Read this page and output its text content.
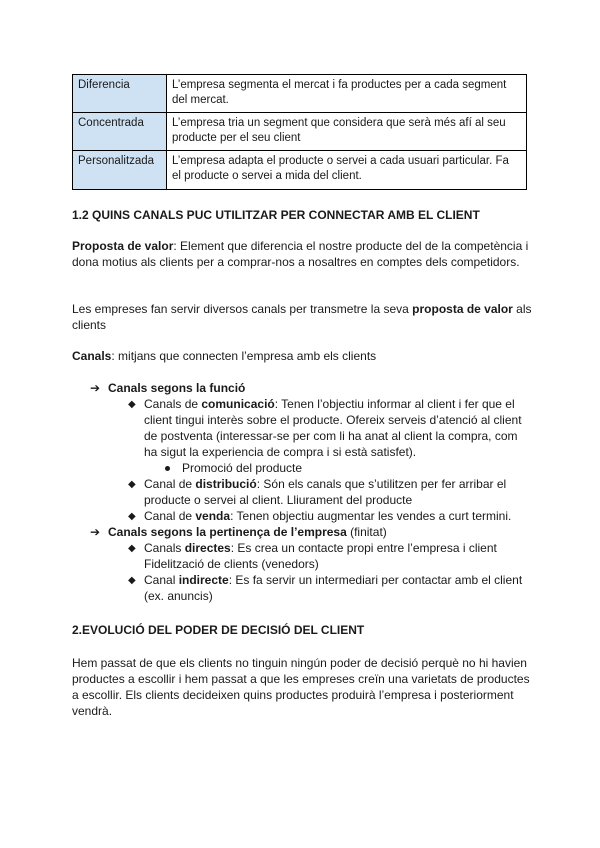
Diferencia	L’empresa segmenta el mercat i fa productes per a cada segment del mercat.
Concentrada	L’empresa tria un segment que considera que serà més afí al seu producte per el seu client
Personalitzada	L’empresa adapta el producte o servei a cada usuari particular. Fa el producte o servei a mida del client.
1.2 QUINS CANALS PUC UTILITZAR PER CONNECTAR AMB EL CLIENT
Proposta de valor: Element que diferencia el nostre producte del de la competència i dona motius als clients per a comprar-nos a nosaltres en comptes dels competidors.
Les empreses fan servir diversos canals per transmetre la seva proposta de valor als clients
Canals: mitjans que connecten l’empresa amb els clients
➔ Canals segons la funció
◆ Canals de comunicació: Tenen l’objectiu informar al client i fer que el client tingui interès sobre el producte. Ofereix serveis d’atenció al client de postventa (interessar-se per com li ha anat al client la compra, com ha sigut la experiencia de compra i si està satisfet).
Promoció del producte
◆ Canal de distribució: Són els canals que s’utilitzen per fer arribar el producte o servei al client. Lliurament del producte
◆ Canal de venda: Tenen objectiu augmentar les vendes a curt termini.
➔ Canals segons la pertinença de l’empresa (finitat)
◆ Canals directes: Es crea un contacte propi entre l’empresa i client Fidelització de clients (venedors)
◆ Canal indirecte: Es fa servir un intermediari per contactar amb el client (ex. anuncis)
2.EVOLUCIÓ DEL PODER DE DECISIÓ DEL CLIENT
Hem passat de que els clients no tinguin ningún poder de decisió perquè no hi havien productes a escollir i hem passat a que les empreses creïn una varietats de productes a escollir. Els clients decideixen quins productes produirà l’empresa i posteriorment vendrà.
